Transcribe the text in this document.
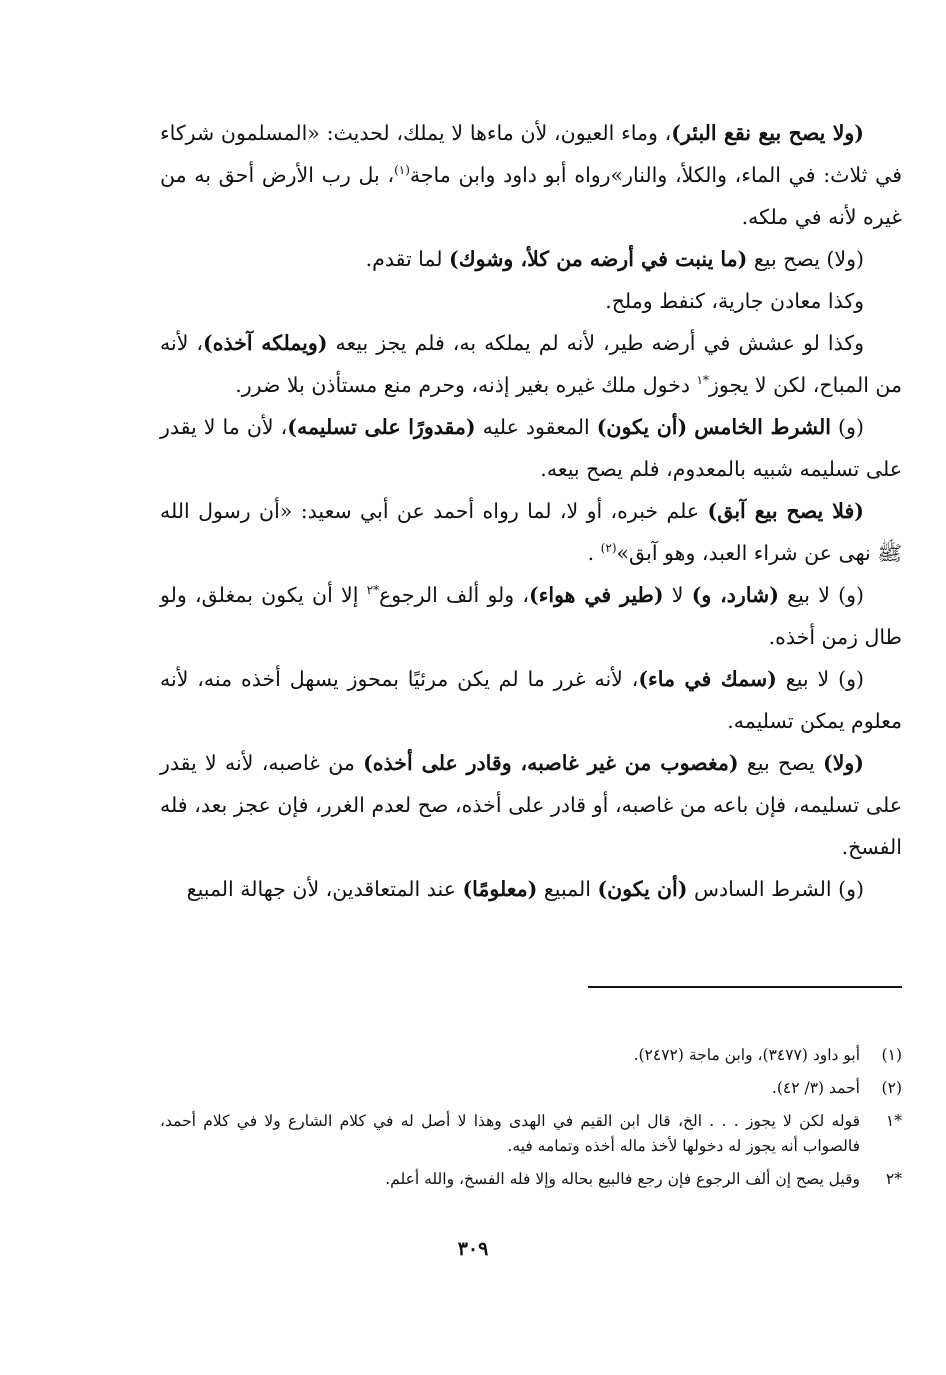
(ولا يصح بيع نقع البئر)، وماء العيون، لأن ماءها لا يملك، لحديث: «المسلمون شركاء في ثلاث: في الماء، والكلأ، والنار»رواه أبو داود وابن ماجة$^{(١)}$، بل رب الأرض أحق به من غيره لأنه في ملكه.

(ولا) يصح بيع (ما ينبت في أرضه من كلأ، وشوك) لما تقدم.

وكذا معادن جارية، كنفط وملح.

وكذا لو عشش في أرضه طير، لأنه لم يملكه به، فلم يجز بيعه (ويملكه آخذه)، لأنه من المباح، لكن لا يجوز$^{*١}$ دخول ملك غيره بغير إذنه، وحرم منع مستأذن بلا ضرر.

(و) الشرط الخامس (أن يكون) المعقود عليه (مقدورًا على تسليمه)، لأن ما لا يقدر على تسليمه شبيه بالمعدوم، فلم يصح بيعه.

(فلا يصح بيع آبق) علم خبره، أو لا، لما رواه أحمد عن أبي سعيد: «أن رسول الله ﷺ نهى عن شراء العبد، وهو آبق»$^{(٢)}$ .

(و) لا بيع (شارد، و) لا (طير في هواء)، ولو ألف الرجوع$^{*٢}$ إلا أن يكون بمغلق، ولو طال زمن أخذه.

(و) لا بيع (سمك في ماء)، لأنه غرر ما لم يكن مرئيًا بمحوز يسهل أخذه منه، لأنه معلوم يمكن تسليمه.

(ولا) يصح بيع (مغصوب من غير غاصبه، وقادر على أخذه) من غاصبه، لأنه لا يقدر على تسليمه، فإن باعه من غاصبه، أو قادر على أخذه، صح لعدم الغرر، فإن عجز بعد، فله الفسخ.

(و) الشرط السادس (أن يكون) المبيع (معلومًا) عند المتعاقدين، لأن جهالة المبيع

(١)
أبو داود (٣٤٧٧)، وابن ماجة (٢٤٧٢).
(٢)
أحمد (٣/ ٤٢).
*١
قوله لكن لا يجوز . . . الخ، قال ابن القيم في الهدى وهذا لا أصل له في كلام الشارع ولا في كلام أحمد، فالصواب أنه يجوز له دخولها لأخذ ماله أخذه وتمامه فيه.
*٢
وقيل يصح إن ألف الرجوع فإن رجع فالبيع بحاله وإلا فله الفسخ، والله أعلم.
٣٠٩
